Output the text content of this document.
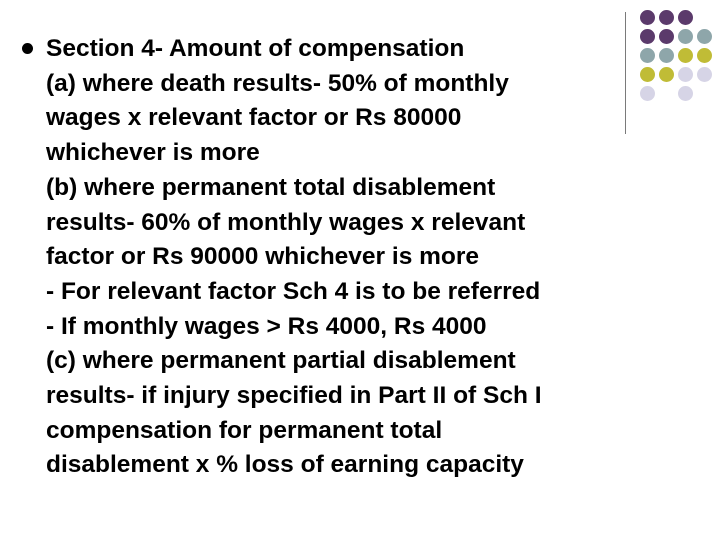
Section 4- Amount of compensation
(a) where death results- 50% of monthly
wages x relevant factor or Rs 80000
whichever is more
(b) where permanent total disablement
results- 60% of monthly wages x relevant
factor or Rs 90000 whichever is more
- For relevant factor Sch 4 is to be referred
- If monthly wages > Rs 4000, Rs 4000
(c) where permanent partial disablement
results- if injury specified in Part II of Sch I
compensation for permanent total
disablement x % loss of earning capacity
